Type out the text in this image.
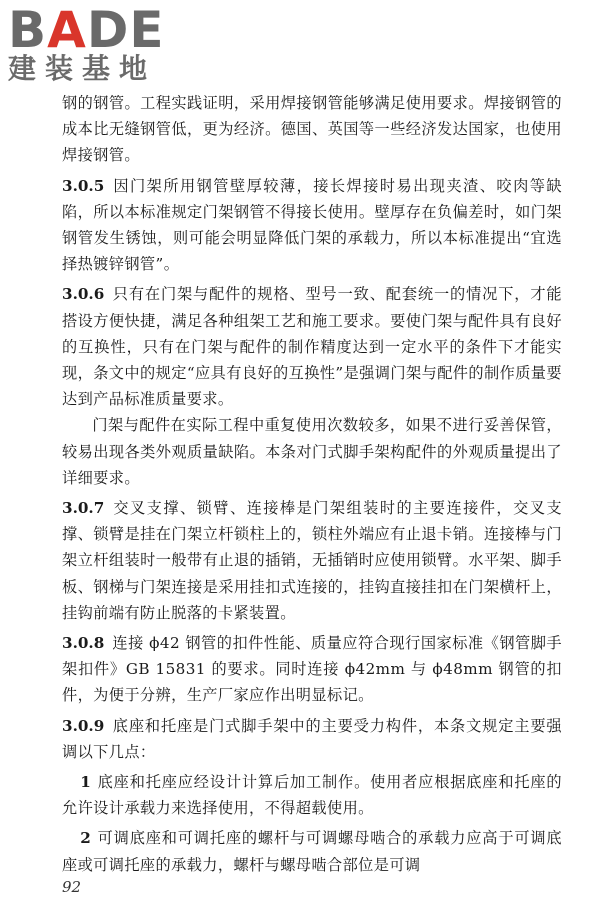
BADE
建装基地

钢的钢管。工程实践证明，采用焊接钢管能够满足使用要求。焊接钢管的成本比无缝钢管低，更为经济。德国、英国等一些经济发达国家，也使用焊接钢管。

3.0.5 因门架所用钢管壁厚较薄，接长焊接时易出现夹渣、咬肉等缺陷，所以本标准规定门架钢管不得接长使用。壁厚存在负偏差时，如门架钢管发生锈蚀，则可能会明显降低门架的承载力，所以本标准提出“宜选择热镀锌钢管”。

3.0.6 只有在门架与配件的规格、型号一致、配套统一的情况下，才能搭设方便快捷，满足各种组架工艺和施工要求。要使门架与配件具有良好的互换性，只有在门架与配件的制作精度达到一定水平的条件下才能实现，条文中的规定“应具有良好的互换性”是强调门架与配件的制作质量要达到产品标准质量要求。

门架与配件在实际工程中重复使用次数较多，如果不进行妥善保管，较易出现各类外观质量缺陷。本条对门式脚手架构配件的外观质量提出了详细要求。

3.0.7 交叉支撑、锁臂、连接棒是门架组装时的主要连接件，交叉支撑、锁臂是挂在门架立杆锁柱上的，锁柱外端应有止退卡销。连接棒与门架立杆组装时一般带有止退的插销，无插销时应使用锁臂。水平架、脚手板、钢梯与门架连接是采用挂扣式连接的，挂钩直接挂扣在门架横杆上，挂钩前端有防止脱落的卡紧装置。

3.0.8 连接 ϕ42 钢管的扣件性能、质量应符合现行国家标准《钢管脚手架扣件》GB 15831 的要求。同时连接 ϕ42mm 与 ϕ48mm 钢管的扣件，为便于分辨，生产厂家应作出明显标记。

3.0.9 底座和托座是门式脚手架中的主要受力构件，本条文规定主要强调以下几点：

1 底座和托座应经设计计算后加工制作。使用者应根据底座和托座的允许设计承载力来选择使用，不得超载使用。

2 可调底座和可调托座的螺杆与可调螺母啮合的承载力应高于可调底座或可调托座的承载力，螺杆与螺母啮合部位是可调

92
